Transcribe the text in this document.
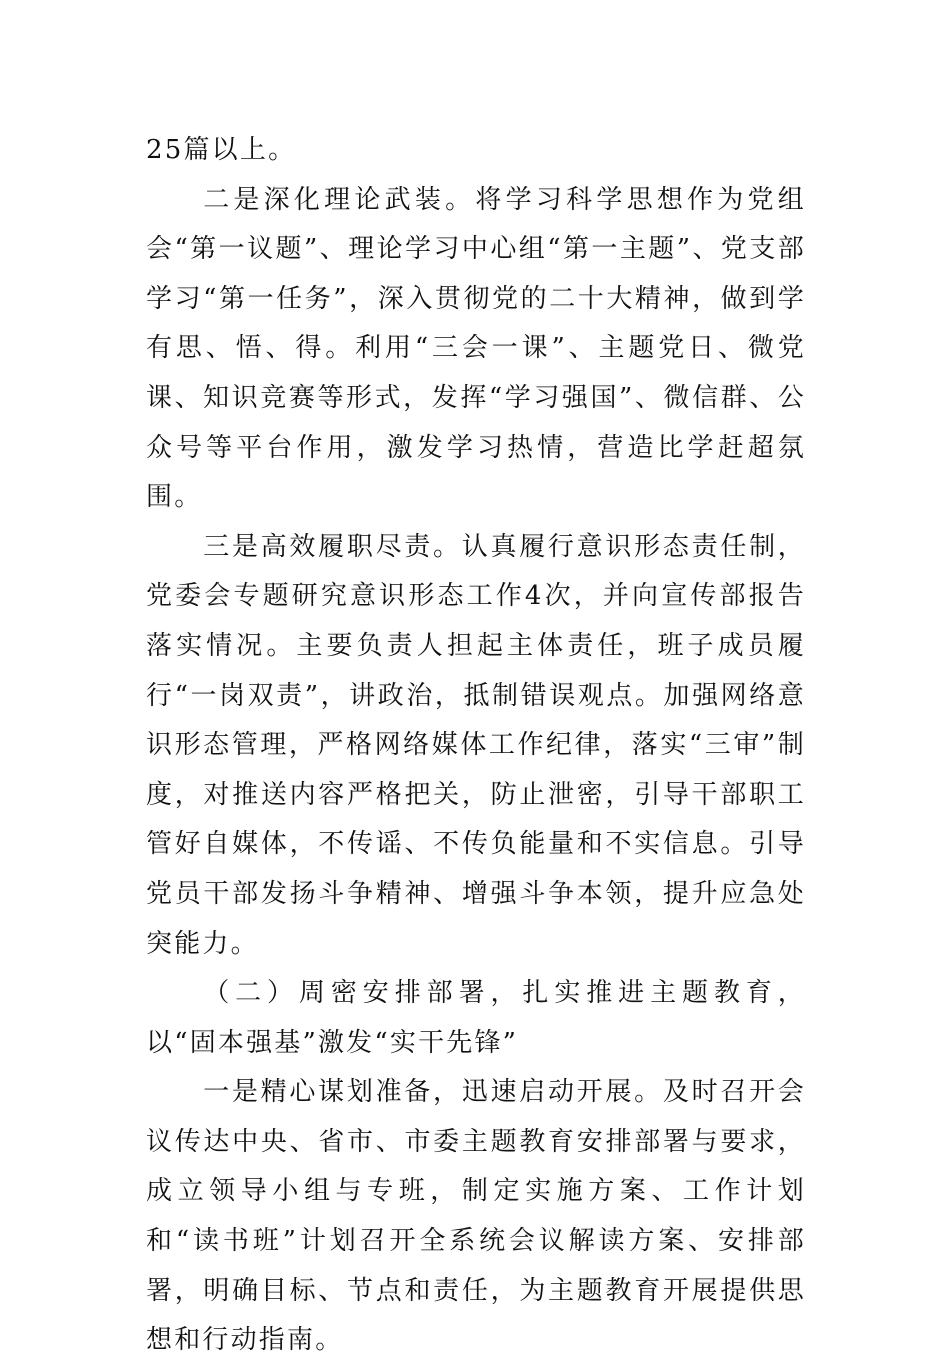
25篇以上。

二是深化理论武装。将学习科学思想作为党组会“第一议题”、理论学习中心组“第一主题”、党支部学习“第一任务”，深入贯彻党的二十大精神，做到学有思、悟、得。利用“三会一课”、主题党日、微党课、知识竞赛等形式，发挥“学习强国”、微信群、公众号等平台作用，激发学习热情，营造比学赶超氛围。

三是高效履职尽责。认真履行意识形态责任制，党委会专题研究意识形态工作4次，并向宣传部报告落实情况。主要负责人担起主体责任，班子成员履行“一岗双责”，讲政治，抵制错误观点。加强网络意识形态管理，严格网络媒体工作纪律，落实“三审”制度，对推送内容严格把关，防止泄密，引导干部职工管好自媒体，不传谣、不传负能量和不实信息。引导党员干部发扬斗争精神、增强斗争本领，提升应急处突能力。

（二）周密安排部署，扎实推进主题教育，以“固本强基”激发“实干先锋”

一是精心谋划准备，迅速启动开展。及时召开会议传达中央、省市、市委主题教育安排部署与要求，成立领导小组与专班，制定实施方案、工作计划和“读书班”计划召开全系统会议解读方案、安排部署，明确目标、节点和责任，为主题教育开展提供思想和行动指南。
